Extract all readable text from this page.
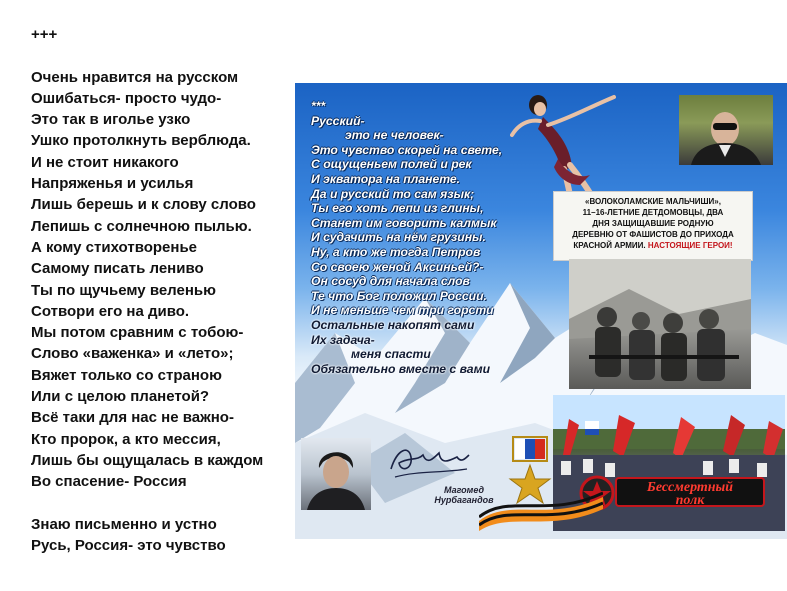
+++
Очень нравится на русском
Ошибаться- просто чудо-
Это так в иголье узко
Ушко протолкнуть верблюда.
И не стоит никакого
Напряженья и усилья
Лишь берешь и к слову слово
Лепишь с солнечною пылью.
А кому стихотворенье
Самому писать лениво
Ты по щучьему веленью
Сотвори его на диво.
Мы потом сравним с тобою-
Слово «важенка» и «лето»;
Вяжет только со страною
Или с целою планетой?
Всё таки для нас не важно-
Кто пророк, а кто мессия,
Лишь бы ощущалась в каждом
Во спасение- Россия
Знаю письменно и устно
Русь, Россия- это чувство
***
Русский-
это не человек-
Это чувство скорей на свете,
С ощущеньем полей и рек
И экватора на планете.
Да и русский то сам язык;
Ты его хоть лепи из глины,
Станет им говорить калмык
И судачить на нём грузины.
Ну, а кто же тогда Петров
Со своею женой Аксиньей?-
Он сосуд для начала слов
Те что Бог положил России.
И не меньше чем три горсти
Остальные накопят сами
Их задача-
меня спасти
Обязательно вместе с вами
«ВОЛОКОЛАМСКИЕ МАЛЬЧИШИ»,
11–16-ЛЕТНИЕ ДЕТДОМОВЦЫ, ДВА
ДНЯ ЗАЩИЩАВШИЕ РОДНУЮ
ДЕРЕВНЮ ОТ ФАШИСТОВ ДО ПРИХОДА
КРАСНОЙ АРМИИ. НАСТОЯЩИЕ ГЕРОИ!
Бессмертный
полк
Магомед
Нурбагандов
